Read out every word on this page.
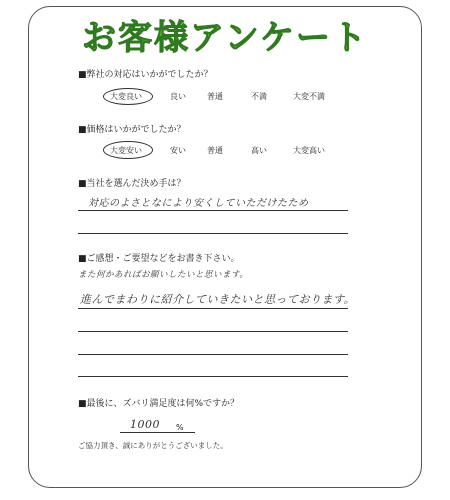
お客様アンケート
■弊社の対応はいかがでしたか？
大変良い	良い	普通	不満	大変不満
■価格はいかがでしたか？
大変安い	安い	普通	高い	大変高い
■当社を選んだ決め手は？
対応のよさとなにより安くしていただけたため
■ご感想・ご要望などをお書き下さい。
また何かあればお願いしたいと思います。
進んでまわりに紹介していきたいと思っております。
■最後に、ズバリ満足度は何%ですか？
1000 %
ご協力頂き、誠にありがとうございました。
